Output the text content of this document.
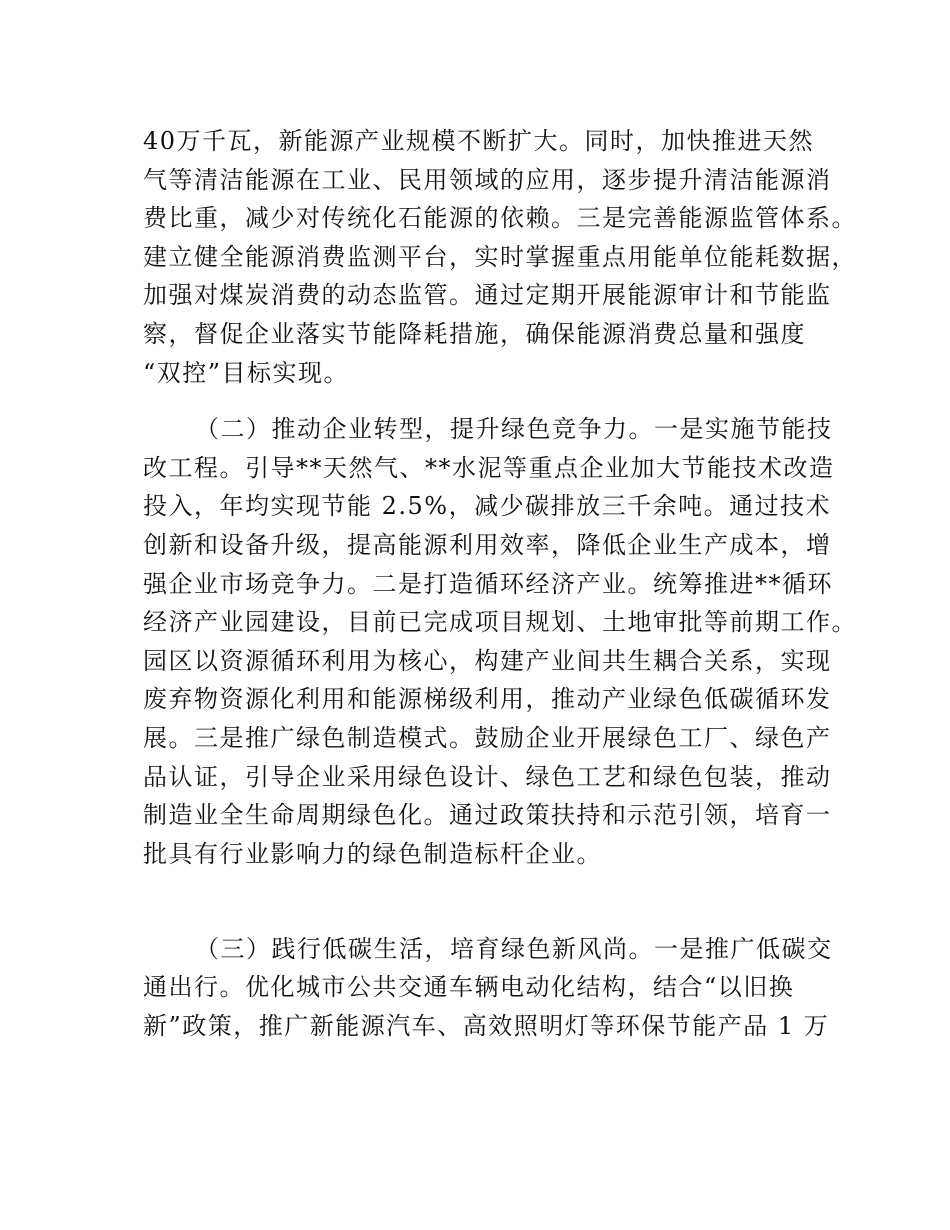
40万千瓦，新能源产业规模不断扩大。同时，加快推进天然
气等清洁能源在工业、民用领域的应用，逐步提升清洁能源消
费比重，减少对传统化石能源的依赖。三是完善能源监管体系。
建立健全能源消费监测平台，实时掌握重点用能单位能耗数据，
加强对煤炭消费的动态监管。通过定期开展能源审计和节能监
察，督促企业落实节能降耗措施，确保能源消费总量和强度
“双控”目标实现。
（二）推动企业转型，提升绿色竞争力。一是实施节能技
改工程。引导**天然气、**水泥等重点企业加大节能技术改造
投入，年均实现节能 2.5%，减少碳排放三千余吨。通过技术
创新和设备升级，提高能源利用效率，降低企业生产成本，增
强企业市场竞争力。二是打造循环经济产业。统筹推进**循环
经济产业园建设，目前已完成项目规划、土地审批等前期工作。
园区以资源循环利用为核心，构建产业间共生耦合关系，实现
废弃物资源化利用和能源梯级利用，推动产业绿色低碳循环发
展。三是推广绿色制造模式。鼓励企业开展绿色工厂、绿色产
品认证，引导企业采用绿色设计、绿色工艺和绿色包装，推动
制造业全生命周期绿色化。通过政策扶持和示范引领，培育一
批具有行业影响力的绿色制造标杆企业。
（三）践行低碳生活，培育绿色新风尚。一是推广低碳交
通出行。优化城市公共交通车辆电动化结构，结合“以旧换
新”政策，推广新能源汽车、高效照明灯等环保节能产品 1 万
